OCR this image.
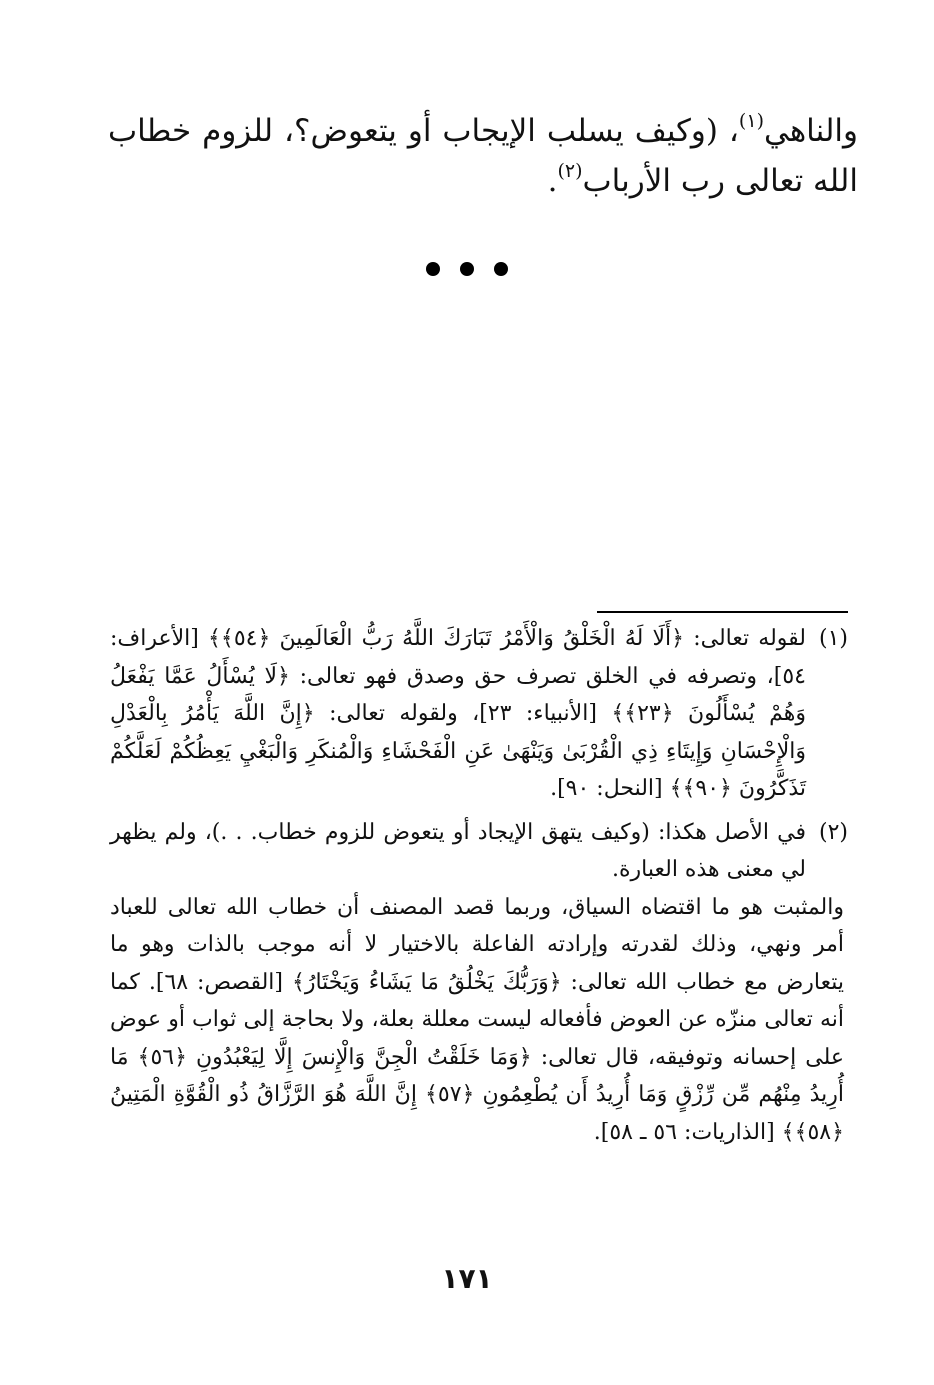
والناهي$^{(١)}$، (وكيف يسلب الإيجاب أو يتعوض؟، للزوم خطاب الله تعالى رب الأرباب$^{(٢)}$.

(١)

لقوله تعالى: ﴿أَلَا لَهُ الْخَلْقُ وَالْأَمْرُ تَبَارَكَ اللَّهُ رَبُّ الْعَالَمِينَ ﴿٥٤﴾﴾ [الأعراف: ٥٤]، وتصرفه في الخلق تصرف حق وصدق فهو تعالى: ﴿لَا يُسْأَلُ عَمَّا يَفْعَلُ وَهُمْ يُسْأَلُونَ ﴿٢٣﴾﴾ [الأنبياء: ٢٣]، ولقوله تعالى: ﴿إِنَّ اللَّهَ يَأْمُرُ بِالْعَدْلِ وَالْإِحْسَانِ وَإِيتَاءِ ذِي الْقُرْبَىٰ وَيَنْهَىٰ عَنِ الْفَحْشَاءِ وَالْمُنكَرِ وَالْبَغْيِ يَعِظُكُمْ لَعَلَّكُمْ تَذَكَّرُونَ ﴿٩٠﴾﴾ [النحل: ٩٠].

(٢)

في الأصل هكذا: (وكيف يتهق الإيجاد أو يتعوض للزوم خطاب. . .)، ولم يظهر لي معنى هذه العبارة.

والمثبت هو ما اقتضاه السياق، وربما قصد المصنف أن خطاب الله تعالى للعباد أمر ونهي، وذلك لقدرته وإرادته الفاعلة بالاختيار لا أنه موجب بالذات وهو ما يتعارض مع خطاب الله تعالى: ﴿وَرَبُّكَ يَخْلُقُ مَا يَشَاءُ وَيَخْتَارُ﴾ [القصص: ٦٨]. كما أنه تعالى منزّه عن العوض فأفعاله ليست معللة بعلة، ولا بحاجة إلى ثواب أو عوض على إحسانه وتوفيقه، قال تعالى: ﴿وَمَا خَلَقْتُ الْجِنَّ وَالْإِنسَ إِلَّا لِيَعْبُدُونِ ﴿٥٦﴾ مَا أُرِيدُ مِنْهُم مِّن رِّزْقٍ وَمَا أُرِيدُ أَن يُطْعِمُونِ ﴿٥٧﴾ إِنَّ اللَّهَ هُوَ الرَّزَّاقُ ذُو الْقُوَّةِ الْمَتِينُ ﴿٥٨﴾﴾ [الذاريات: ٥٦ ـ ٥٨].

١٧١
